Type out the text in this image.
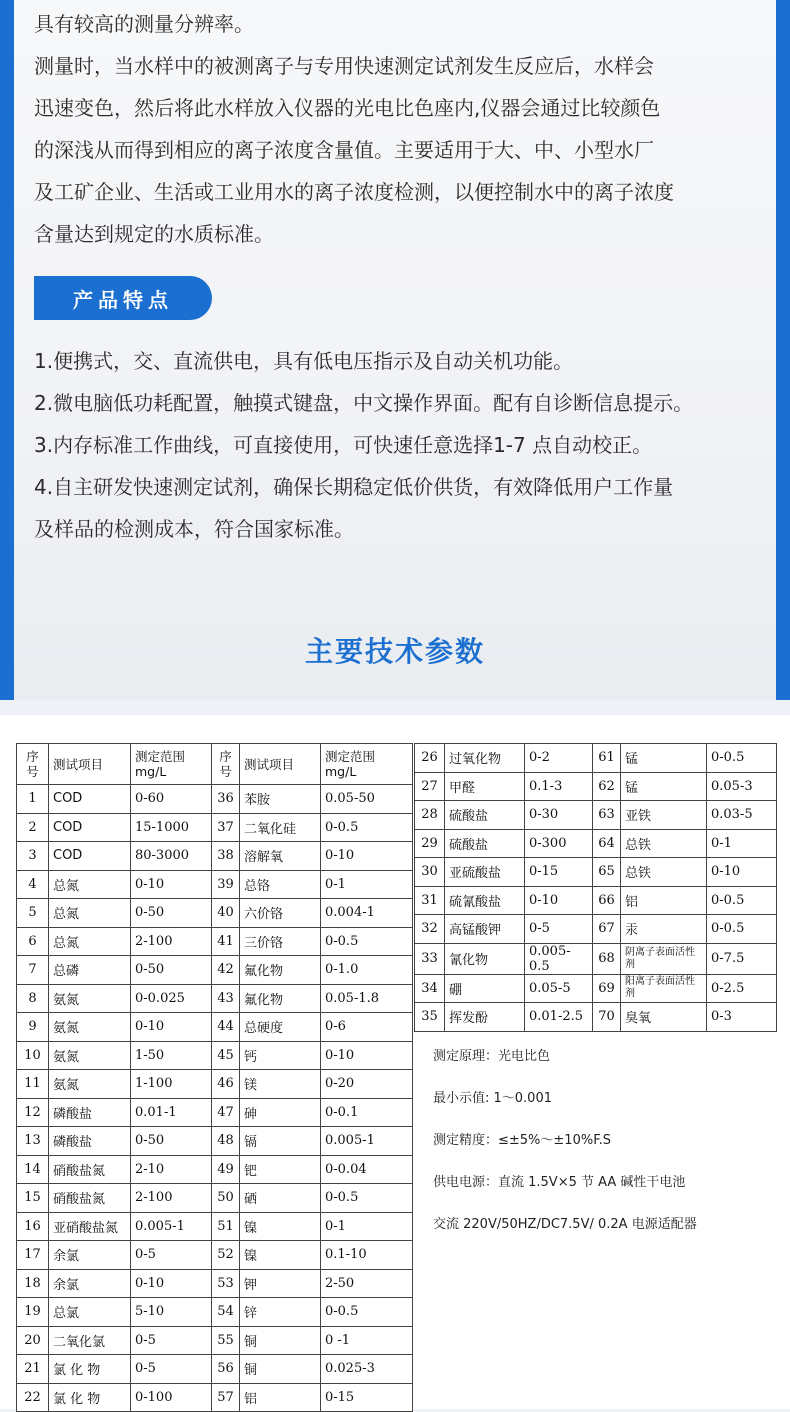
具有较高的测量分辨率。
测量时，当水样中的被测离子与专用快速测定试剂发生反应后，水样会
迅速变色，然后将此水样放入仪器的光电比色座内,仪器会通过比较颜色
的深浅从而得到相应的离子浓度含量值。主要适用于大、中、小型水厂
及工矿企业、生活或工业用水的离子浓度检测，以便控制水中的离子浓度
含量达到规定的水质标准。
产品特点
1.便携式，交、直流供电，具有低电压指示及自动关机功能。
2.微电脑低功耗配置，触摸式键盘，中文操作界面。配有自诊断信息提示。
3.内存标准工作曲线，可直接使用，可快速任意选择1-7 点自动校正。
4.自主研发快速测定试剂，确保长期稳定低价供货，有效降低用户工作量
及样品的检测成本，符合国家标准。
主要技术参数
序
号	测试项目	测定范围
mg/L	序
号	测试项目	测定范围
mg/L
1	COD	0-60	36	苯胺	0.05-50
2	COD	15-1000	37	二氧化硅	0-0.5
3	COD	80-3000	38	溶解氧	0-10
4	总氮	0-10	39	总铬	0-1
5	总氮	0-50	40	六价铬	0.004-1
6	总氮	2-100	41	三价铬	0-0.5
7	总磷	0-50	42	氟化物	0-1.0
8	氨氮	0-0.025	43	氟化物	0.05-1.8
9	氨氮	0-10	44	总硬度	0-6
10	氨氮	1-50	45	钙	0-10
11	氨氮	1-100	46	镁	0-20
12	磷酸盐	0.01-1	47	砷	0-0.1
13	磷酸盐	0-50	48	镉	0.005-1
14	硝酸盐氮	2-10	49	钯	0-0.04
15	硝酸盐氮	2-100	50	硒	0-0.5
16	亚硝酸盐氮	0.005-1	51	镍	0-1
17	余氯	0-5	52	镍	0.1-10
18	余氯	0-10	53	钾	2-50
19	总氯	5-10	54	锌	0-0.5
20	二氧化氯	0-5	55	铜	0 -1
21	氯 化 物	0-5	56	铜	0.025-3
22	氯 化 物	0-100	57	铝	0-15
26	过氧化物	0-2	61	锰	0-0.5
27	甲醛	0.1-3	62	锰	0.05-3
28	硫酸盐	0-30	63	亚铁	0.03-5
29	硫酸盐	0-300	64	总铁	0-1
30	亚硫酸盐	0-15	65	总铁	0-10
31	硫氰酸盐	0-10	66	铝	0-0.5
32	高锰酸钾	0-5	67	汞	0-0.5
33	氰化物	0.005-0.5	68	阴离子表面活性剂	0-7.5
34	硼	0.05-5	69	阳离子表面活性剂	0-2.5
35	挥发酚	0.01-2.5	70	臭氧	0-3
测定原理：光电比色
最小示值: 1～0.001
测定精度：≤±5%～±10%F.S
供电电源：直流 1.5V×5 节 AA 碱性干电池
交流 220V/50HZ/DC7.5V/ 0.2A 电源适配器
